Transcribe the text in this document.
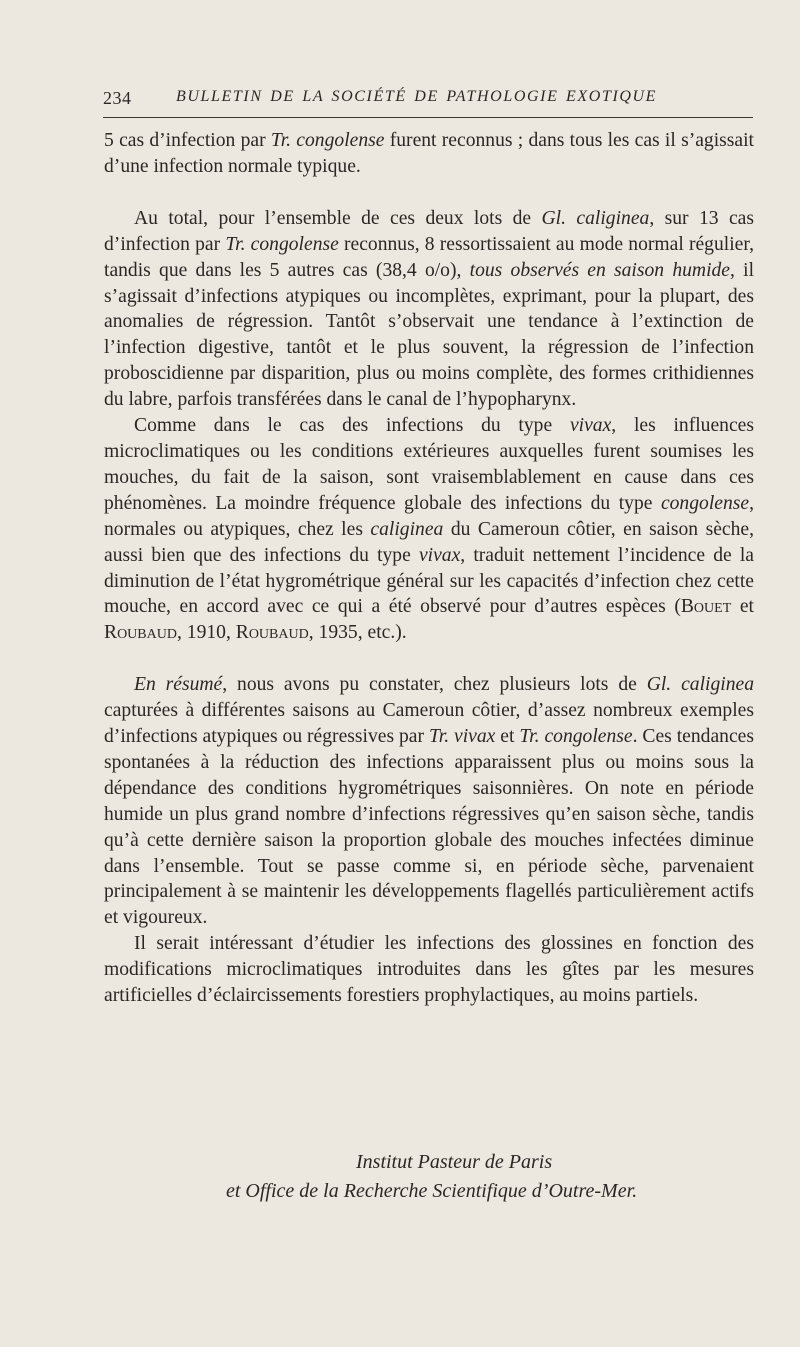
234	BULLETIN DE LA SOCIÉTÉ DE PATHOLOGIE EXOTIQUE

5 cas d’infection par Tr. congolense furent reconnus ; dans tous les cas il s’agissait d’une infection normale typique.

Au total, pour l’ensemble de ces deux lots de Gl. caliginea, sur 13 cas d’infection par Tr. congolense reconnus, 8 ressortissaient au mode normal régulier, tandis que dans les 5 autres cas (38,4 o/o), tous observés en saison humide, il s’agissait d’infections atypiques ou incomplètes, exprimant, pour la plupart, des anomalies de régression. Tantôt s’observait une tendance à l’extinction de l’infection digestive, tantôt et le plus souvent, la régression de l’infection proboscidienne par disparition, plus ou moins complète, des formes crithidiennes du labre, parfois transférées dans le canal de l’hypopharynx.

Comme dans le cas des infections du type vivax, les influences microclimatiques ou les conditions extérieures auxquelles furent soumises les mouches, du fait de la saison, sont vraisemblablement en cause dans ces phénomènes. La moindre fréquence globale des infections du type congolense, normales ou atypiques, chez les caliginea du Cameroun côtier, en saison sèche, aussi bien que des infections du type vivax, traduit nettement l’incidence de la diminution de l’état hygrométrique général sur les capacités d’infection chez cette mouche, en accord avec ce qui a été observé pour d’autres espèces (Bouet et Roubaud, 1910, Roubaud, 1935, etc.).

En résumé, nous avons pu constater, chez plusieurs lots de Gl. caliginea capturées à différentes saisons au Cameroun côtier, d’assez nombreux exemples d’infections atypiques ou régressives par Tr. vivax et Tr. congolense. Ces tendances spontanées à la réduction des infections apparaissent plus ou moins sous la dépendance des conditions hygrométriques saisonnières. On note en période humide un plus grand nombre d’infections régressives qu’en saison sèche, tandis qu’à cette dernière saison la proportion globale des mouches infectées diminue dans l’ensemble. Tout se passe comme si, en période sèche, parvenaient principalement à se maintenir les développements flagellés particulièrement actifs et vigoureux.

Il serait intéressant d’étudier les infections des glossines en fonction des modifications microclimatiques introduites dans les gîtes par les mesures artificielles d’éclaircissements forestiers prophylactiques, au moins partiels.

Institut Pasteur de Paris
et Office de la Recherche Scientifique d’Outre-Mer.
